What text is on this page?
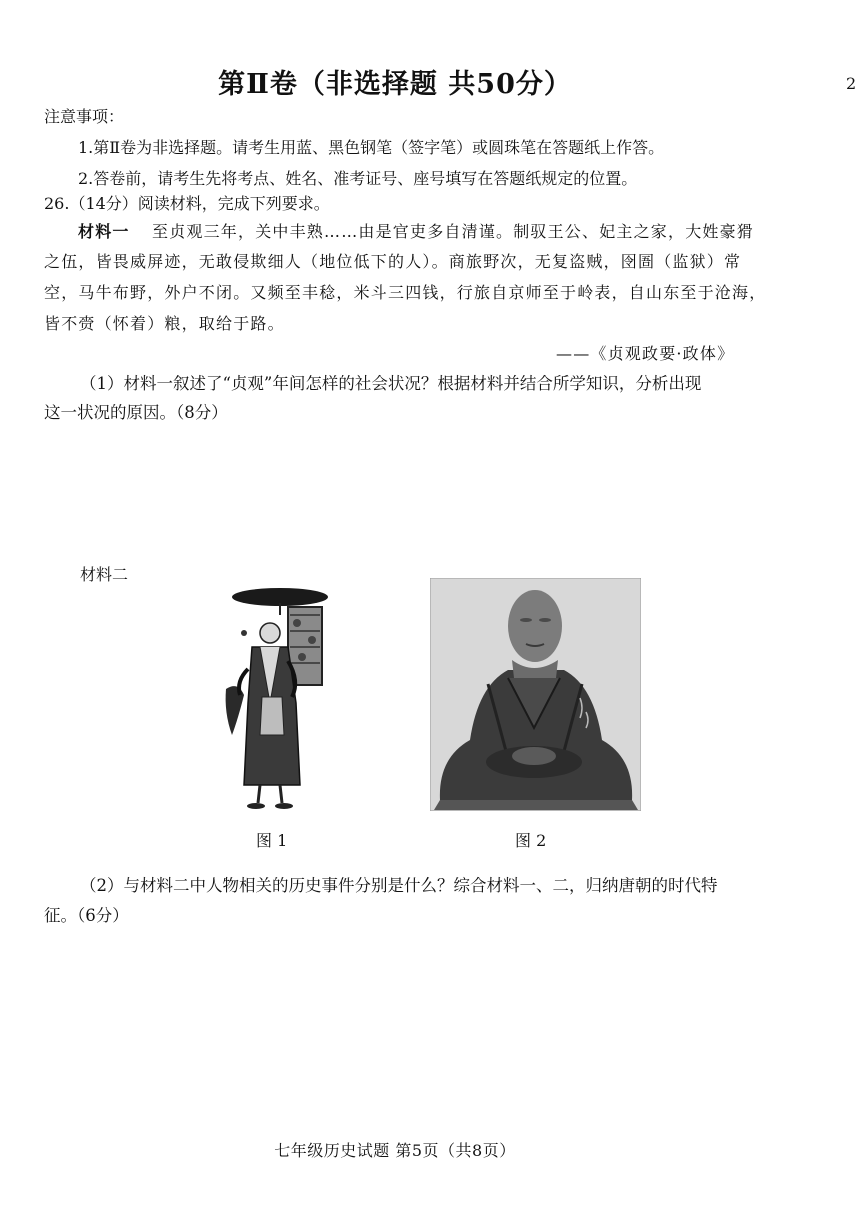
第Ⅱ卷（非选择题 共50分）	2
注意事项：
1.第Ⅱ卷为非选择题。请考生用蓝、黑色钢笔（签字笔）或圆珠笔在答题纸上作答。
2.答卷前，请考生先将考点、姓名、准考证号、座号填写在答题纸规定的位置。
26.（14分）阅读材料，完成下列要求。
材料一 至贞观三年，关中丰熟……由是官吏多自清谨。制驭王公、妃主之家，大姓豪猾
之伍，皆畏威屏迹，无敢侵欺细人（地位低下的人）。商旅野次，无复盗贼，囹圄（监狱）常
空，马牛布野，外户不闭。又频至丰稔，米斗三四钱，行旅自京师至于岭表，自山东至于沧海，
皆不赍（怀着）粮，取给于路。
——《贞观政要·政体》
（1）材料一叙述了“贞观”年间怎样的社会状况？根据材料并结合所学知识，分析出现
这一状况的原因。（8分）
材料二
图 1	图 2
（2）与材料二中人物相关的历史事件分别是什么？综合材料一、二，归纳唐朝的时代特
征。（6分）
七年级历史试题 第5页（共8页）
